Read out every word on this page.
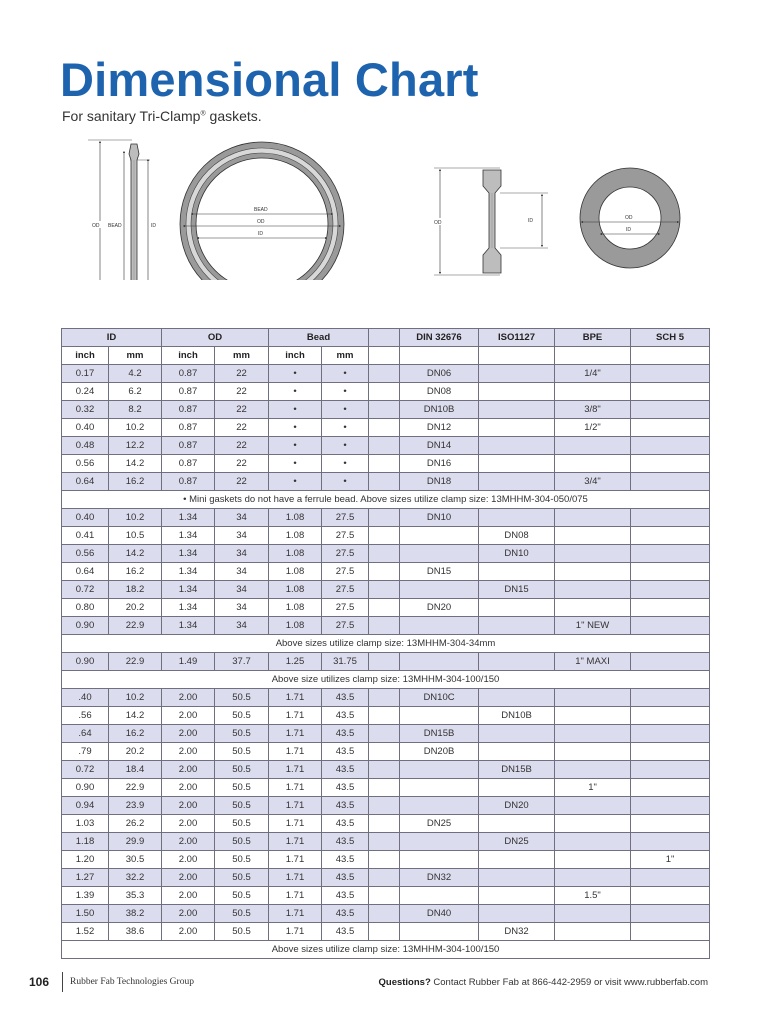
Dimensional Chart
For sanitary Tri-Clamp® gaskets.
OD BEAD	ID
BEAD
OD
ID
OD	ID	OD
ID
ID		OD		Bead			DIN 32676	ISO1127	BPE	SCH 5
inch	mm	inch	mm	inch	mm					
0.17	4.2	0.87	22	•	•		DN06		1/4"	
0.24	6.2	0.87	22	•	•		DN08			
0.32	8.2	0.87	22	•	•		DN10B		3/8"	
0.40	10.2	0.87	22	•	•		DN12		1/2"	
0.48	12.2	0.87	22	•	•		DN14			
0.56	14.2	0.87	22	•	•		DN16			
0.64	16.2	0.87	22	•	•		DN18		3/4"	
• Mini gaskets do not have a ferrule bead. Above sizes utilize clamp size: 13MHHM-304-050/075										
0.40	10.2	1.34	34	1.08	27.5		DN10			
0.41	10.5	1.34	34	1.08	27.5			DN08		
0.56	14.2	1.34	34	1.08	27.5			DN10		
0.64	16.2	1.34	34	1.08	27.5		DN15			
0.72	18.2	1.34	34	1.08	27.5			DN15		
0.80	20.2	1.34	34	1.08	27.5		DN20			
0.90	22.9	1.34	34	1.08	27.5				1" NEW	
Above sizes utilize clamp size: 13MHHM-304-34mm										
0.90	22.9	1.49	37.7	1.25	31.75				1" MAXI	
Above size utilizes clamp size: 13MHHM-304-100/150										
.40	10.2	2.00	50.5	1.71	43.5		DN10C			
.56	14.2	2.00	50.5	1.71	43.5			DN10B		
.64	16.2	2.00	50.5	1.71	43.5		DN15B			
.79	20.2	2.00	50.5	1.71	43.5		DN20B			
0.72	18.4	2.00	50.5	1.71	43.5			DN15B		
0.90	22.9	2.00	50.5	1.71	43.5				1"	
0.94	23.9	2.00	50.5	1.71	43.5			DN20		
1.03	26.2	2.00	50.5	1.71	43.5		DN25			
1.18	29.9	2.00	50.5	1.71	43.5			DN25		
1.20	30.5	2.00	50.5	1.71	43.5					1"
1.27	32.2	2.00	50.5	1.71	43.5		DN32			
1.39	35.3	2.00	50.5	1.71	43.5				1.5"	
1.50	38.2	2.00	50.5	1.71	43.5		DN40			
1.52	38.6	2.00	50.5	1.71	43.5			DN32		
Above sizes utilize clamp size: 13MHHM-304-100/150										
106 Rubber Fab Technologies Group	Questions? Contact Rubber Fab at 866-442-2959 or visit www.rubberfab.com
